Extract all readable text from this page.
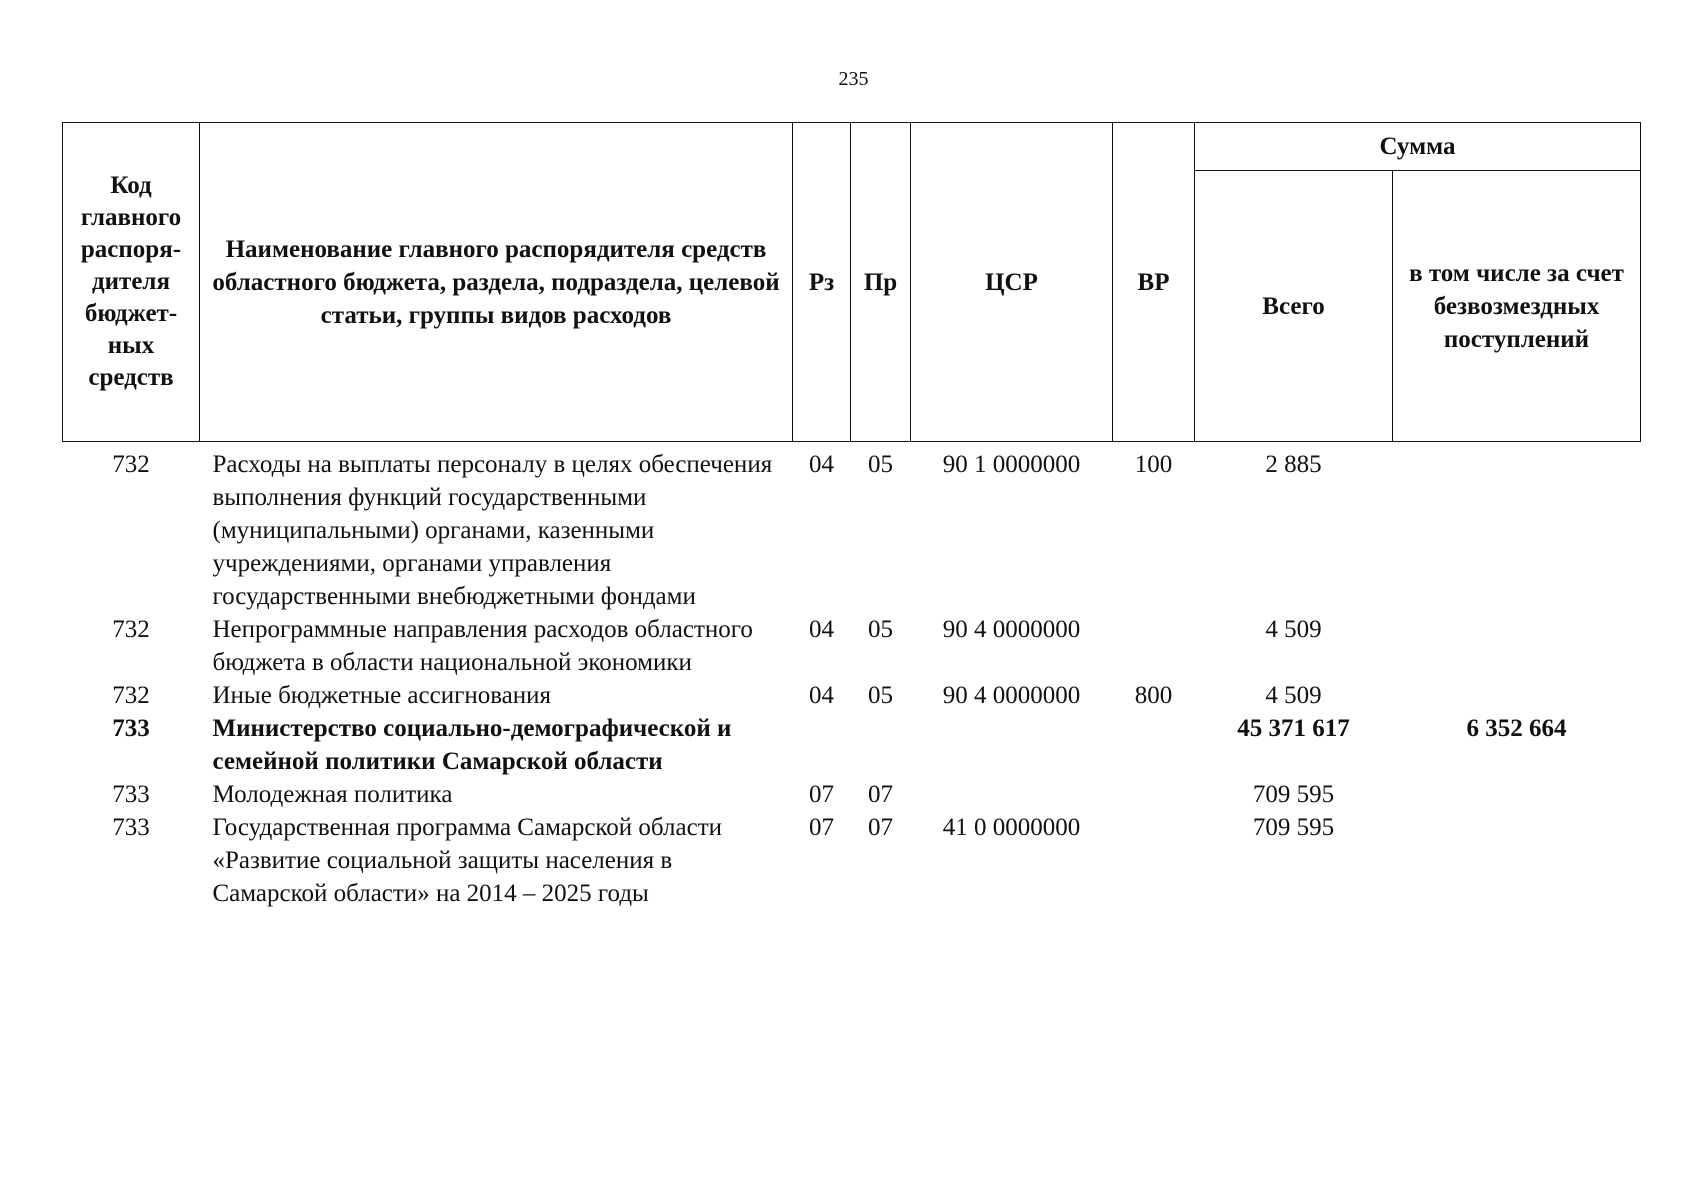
235
Код главного распоря-дителя бюджет-ных средств	Наименование главного распорядителя средств областного бюджета, раздела, подраздела, целевой статьи, группы видов расходов	Рз	Пр	ЦСР	ВР	Сумма	
						Всего	в том числе за счет безвозмездных поступлений
732	Расходы на выплаты персоналу в целях обеспечения выполнения функций государственными (муниципальными) органами, казенными учреждениями, органами управления государственными внебюджетными фондами	04	05	90 1 0000000	100	2 885	
732	Непрограммные направления расходов областного бюджета в области национальной экономики	04	05	90 4 0000000		4 509	
732	Иные бюджетные ассигнования	04	05	90 4 0000000	800	4 509	
733	Министерство социально-демографической и семейной политики Самарской области					45 371 617	6 352 664
733	Молодежная политика	07	07			709 595	
733	Государственная программа Самарской области «Развитие социальной защиты населения в Самарской области» на 2014 – 2025 годы	07	07	41 0 0000000		709 595	
